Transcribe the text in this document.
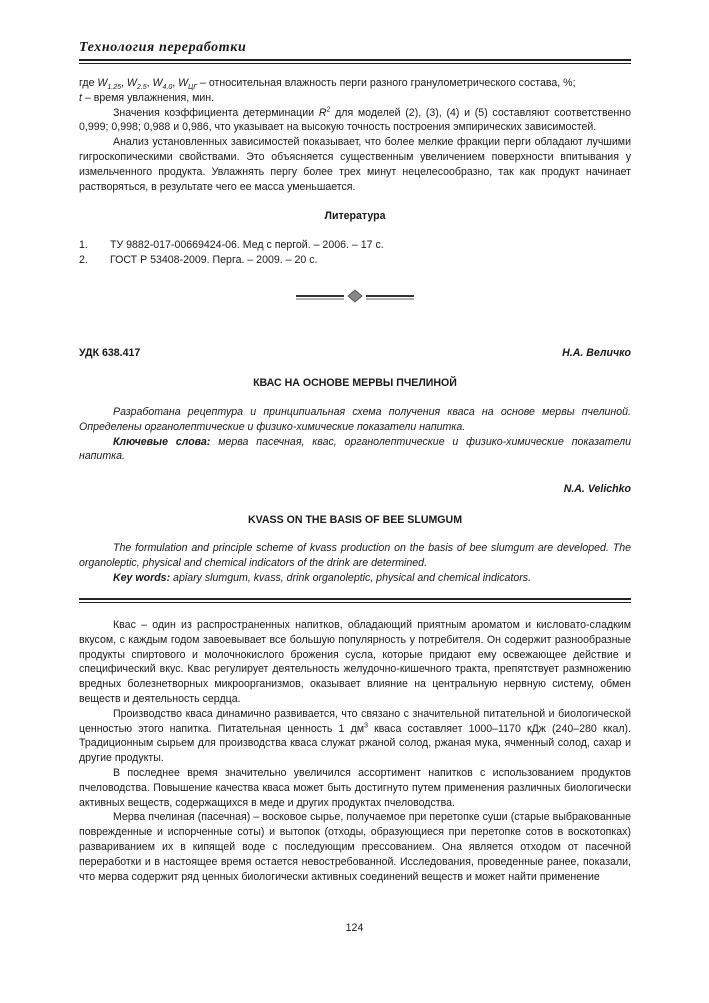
Технология переработки

где $W_{1.25}$, $W_{2.5}$, $W_{4.0}$, $W_{ЦГ}$ – относительная влажность перги разного гранулометрического состава, %;
t – время увлажнения, мин.

Значения коэффициента детерминации $R^2$ для моделей (2), (3), (4) и (5) составляют соответственно 0,999; 0,998; 0,988 и 0,986, что указывает на высокую точность построения эмпирических зависимостей.

Анализ установленных зависимостей показывает, что более мелкие фракции перги обладают лучшими гигроскопическими свойствами. Это объясняется существенным увеличением поверхности впитывания у измельченного продукта. Увлажнять пергу более трех минут нецелесообразно, так как продукт начинает растворяться, в результате чего ее масса уменьшается.

Литература
1.	ТУ 9882-017-00669424-06. Мед с пергой. – 2006. – 17 с.
2.	ГОСТ Р 53408-2009. Перга. – 2009. – 20 с.
УДК 638.417	Н.А. Величко
КВАС НА ОСНОВЕ МЕРВЫ ПЧЕЛИНОЙ

Разработана рецептура и принципиальная схема получения кваса на основе мервы пчелиной. Определены органолептические и физико-химические показатели напитка.

Ключевые слова: мерва пасечная, квас, органолептические и физико-химические показатели напитка.

N.A. Velichko
KVASS ON THE BASIS OF BEE SLUMGUM

The formulation and principle scheme of kvass production on the basis of bee slumgum are developed. The organoleptic, physical and chemical indicators of the drink are determined.

Key words: apiary slumgum, kvass, drink organoleptic, physical and chemical indicators.

Квас – один из распространенных напитков, обладающий приятным ароматом и кисловато-сладким вкусом, с каждым годом завоевывает все большую популярность у потребителя. Он содержит разнообразные продукты спиртового и молочнокислого брожения сусла, которые придают ему освежающее действие и специфический вкус. Квас регулирует деятельность желудочно-кишечного тракта, препятствует размножению вредных болезнетворных микроорганизмов, оказывает влияние на центральную нервную систему, обмен веществ и деятельность сердца.

Производство кваса динамично развивается, что связано с значительной питательной и биологической ценностью этого напитка. Питательная ценность 1 $дм^3$ кваса составляет 1000–1170 кДж (240–280 ккал). Традиционным сырьем для производства кваса служат ржаной солод, ржаная мука, ячменный солод, сахар и другие продукты.

В последнее время значительно увеличился ассортимент напитков с использованием продуктов пчеловодства. Повышение качества кваса может быть достигнуто путем применения различных биологически активных веществ, содержащихся в меде и других продуктах пчеловодства.

Мерва пчелиная (пасечная) – восковое сырье, получаемое при перетопке суши (старые выбракованные поврежденные и испорченные соты) и вытопок (отходы, образующиеся при перетопке сотов в воскотопках) развариванием их в кипящей воде с последующим прессованием. Она является отходом от пасечной переработки и в настоящее время остается невостребованной. Исследования, проведенные ранее, показали, что мерва содержит ряд ценных биологически активных соединений веществ и может найти применение

124
